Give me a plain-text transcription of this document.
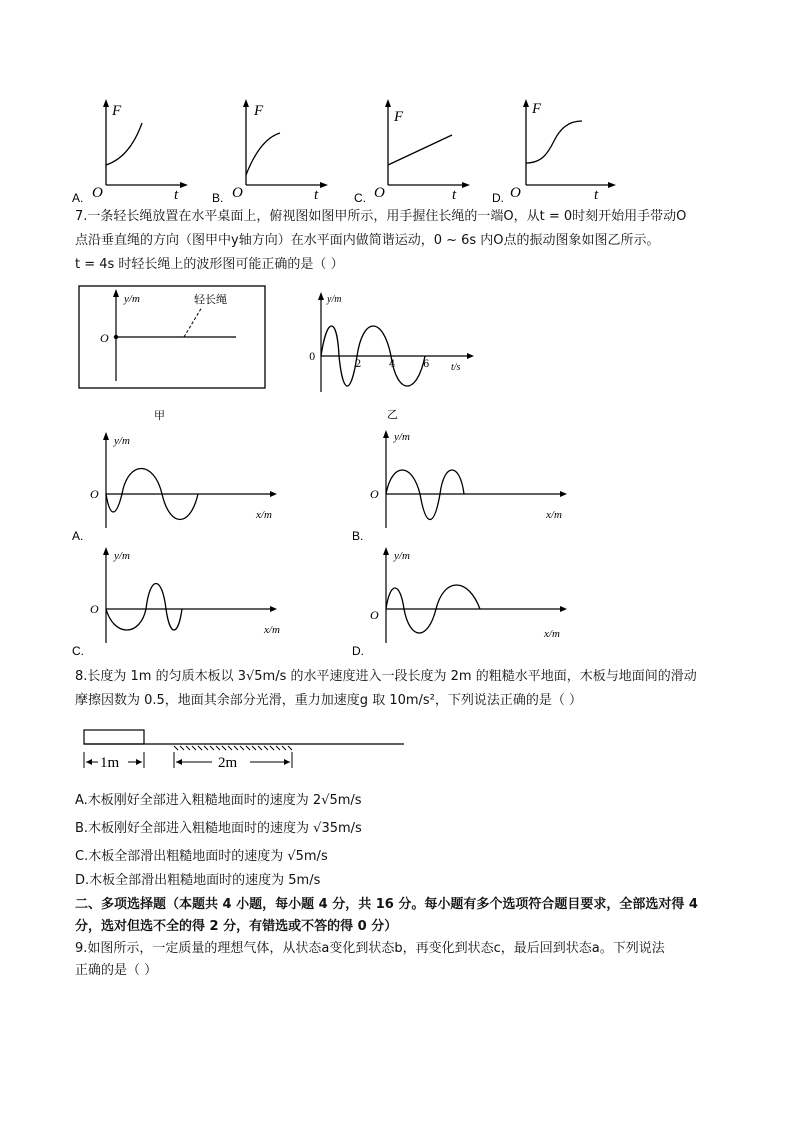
F
t
O
A.
F
t
O
B.
F
t
O
C.
F
t
O
D.
7.一条轻长绳放置在水平桌面上，俯视图如图甲所示，用手握住长绳的一端O，从t = 0时刻开始用手带动O
点沿垂直绳的方向（图甲中y轴方向）在水平面内做简谐运动，0 ~ 6s 内O点的振动图象如图乙所示。
t = 4s 时轻长绳上的波形图可能正确的是（ ）
y/m
O
轻长绳
甲
y/m
0
2	4	6 t/s
乙
y/m
O
x/m
A.
y/m
O
x/m
B.
y/m
O
x/m
C.
y/m
O
x/m
D.
8.长度为 1m 的匀质木板以 3√5m/s 的水平速度进入一段长度为 2m 的粗糙水平地面，木板与地面间的滑动
摩擦因数为 0.5，地面其余部分光滑，重力加速度g 取 10m/s²，下列说法正确的是（ ）
1m	2m
A.木板刚好全部进入粗糙地面时的速度为 2√5m/s
B.木板刚好全部进入粗糙地面时的速度为 √35m/s
C.木板全部滑出粗糙地面时的速度为 √5m/s
D.木板全部滑出粗糙地面时的速度为 5m/s
二、多项选择题（本题共 4 小题，每小题 4 分，共 16 分。每小题有多个选项符合题目要求，全部选对得 4
分，选对但选不全的得 2 分，有错选或不答的得 0 分）
9.如图所示，一定质量的理想气体，从状态a变化到状态b，再变化到状态c，最后回到状态a。下列说法
正确的是（ ）
